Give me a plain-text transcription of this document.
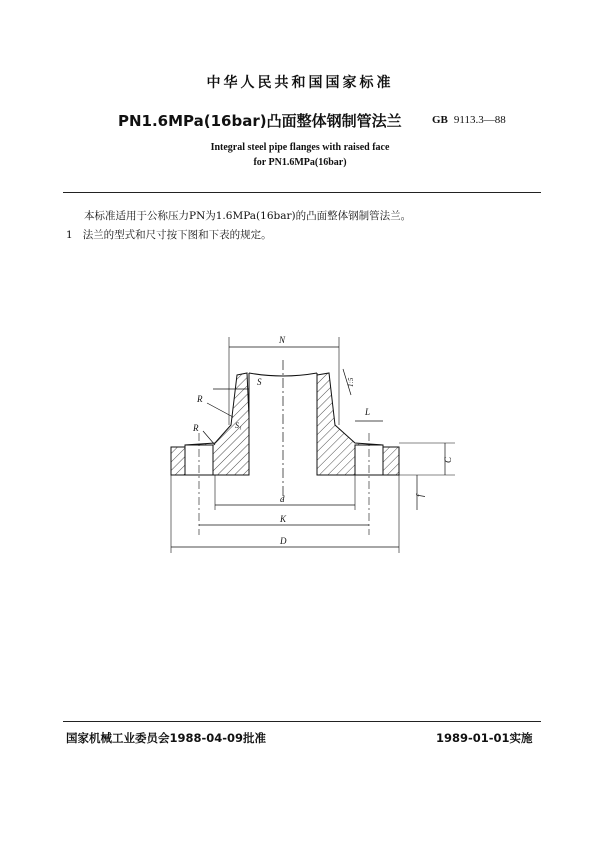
中华人民共和国国家标准
PN1.6MPa(16bar)凸面整体钢制管法兰	GB 9113.3—88
Integral steel pipe flanges with raised face
for PN1.6MPa(16bar)
本标准适用于公称压力PN为1.6MPa(16bar)的凸面整体钢制管法兰。
1 法兰的型式和尺寸按下图和下表的规定。
N
S
S₁
R
R
1:5
L
C
f
d
K
D
国家机械工业委员会1988-04-09批准	1989-01-01实施
